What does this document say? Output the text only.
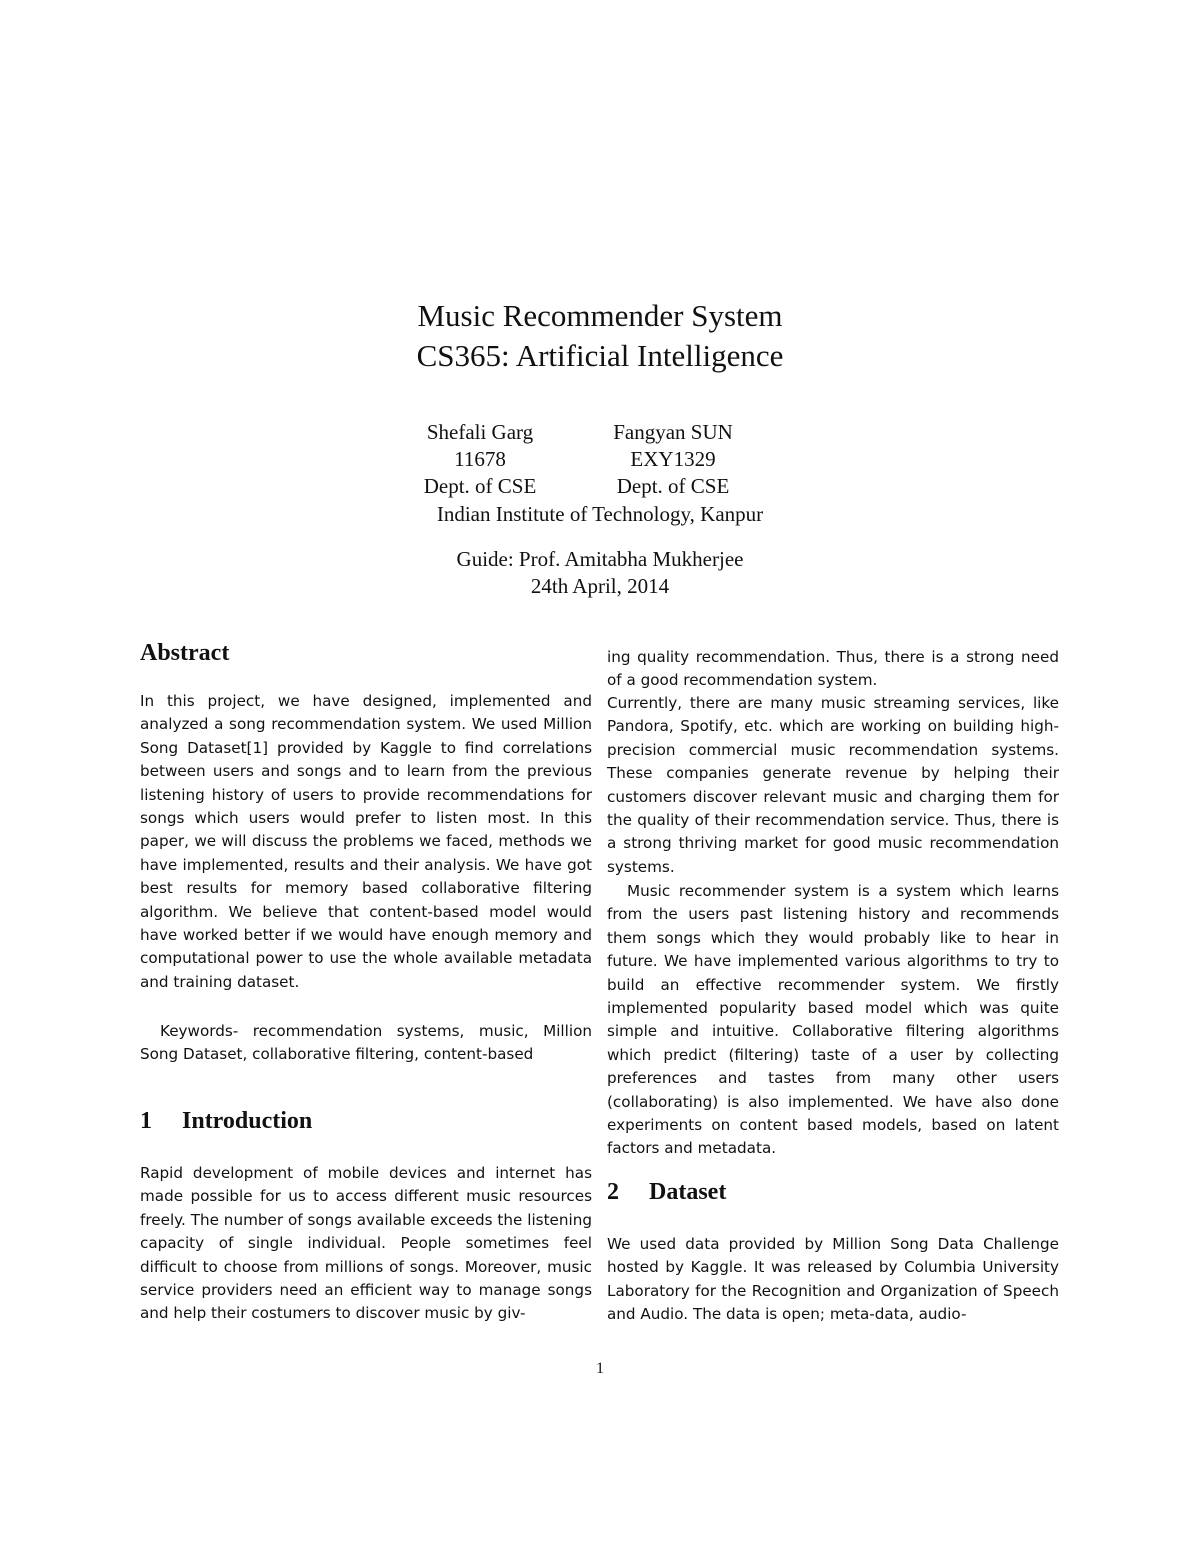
Music Recommender System
CS365: Artificial Intelligence
Shefali Garg
11678
Dept. of CSE
Fangyan SUN
EXY1329
Dept. of CSE
Indian Institute of Technology, Kanpur
Guide: Prof. Amitabha Mukherjee
24th April, 2014
Abstract

In this project, we have designed, implemented and analyzed a song recommendation system. We used Million Song Dataset[1] provided by Kaggle to find correlations between users and songs and to learn from the previous listening history of users to provide recommendations for songs which users would prefer to listen most. In this paper, we will discuss the problems we faced, methods we have implemented, results and their analysis. We have got best results for memory based collaborative filtering algorithm. We believe that content-based model would have worked better if we would have enough memory and computational power to use the whole available metadata and training dataset.

Keywords- recommendation systems, music, Million Song Dataset, collaborative filtering, content-based

1 Introduction

Rapid development of mobile devices and internet has made possible for us to access different music resources freely. The number of songs available exceeds the listening capacity of single individual. People sometimes feel difficult to choose from millions of songs. Moreover, music service providers need an efficient way to manage songs and help their costumers to discover music by giv-

ing quality recommendation. Thus, there is a strong need of a good recommendation system.

Currently, there are many music streaming services, like Pandora, Spotify, etc. which are working on building high-precision commercial music recommendation systems. These companies generate revenue by helping their customers discover relevant music and charging them for the quality of their recommendation service. Thus, there is a strong thriving market for good music recommendation systems.

Music recommender system is a system which learns from the users past listening history and recommends them songs which they would probably like to hear in future. We have implemented various algorithms to try to build an effective recommender system. We firstly implemented popularity based model which was quite simple and intuitive. Collaborative filtering algorithms which predict (filtering) taste of a user by collecting preferences and tastes from many other users (collaborating) is also implemented. We have also done experiments on content based models, based on latent factors and metadata.

2 Dataset

We used data provided by Million Song Data Challenge hosted by Kaggle. It was released by Columbia University Laboratory for the Recognition and Organization of Speech and Audio. The data is open; meta-data, audio-

1
